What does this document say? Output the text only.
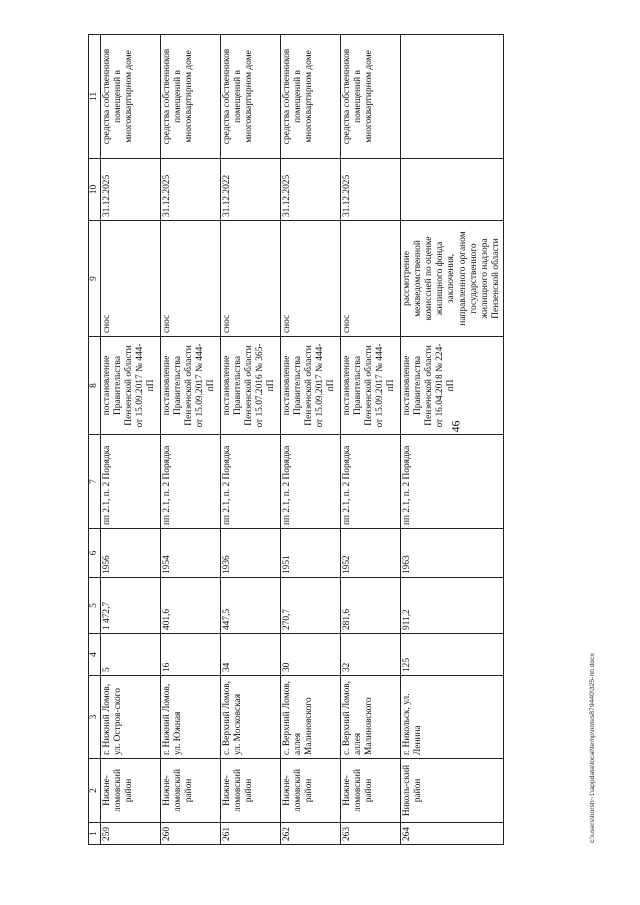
46
1	2	3	4	5	6	7	8	9	10	11
259	Нижне-ломовский район	г. Нижний Ломов, ул. Остров-ского	5	1 472,7	1956	пп 2.1, п. 2 Порядка	постановление Правительства Пензенской области от 15.09.2017 № 444-пП	снос	31.12.2025	средства собственников помещений в многоквартирном доме
260	Нижне-ломовский район	г. Нижний Ломов, ул. Южная	16	401,6	1954	пп 2.1, п. 2 Порядка	постановление Правительства Пензенской области от 15.09.2017 № 444-пП	снос	31.12.2025	средства собственников помещений в многоквартирном доме
261	Нижне-ломовский район	с. Верхний Ломов, ул. Московская	34	447,5	1936	пп 2.1, п. 2 Порядка	постановление Правительства Пензенской области от 15.07.2016 № 365-пП	снос	31.12.2022	средства собственников помещений в многоквартирном доме
262	Нижне-ломовский район	с. Верхний Ломов, аллея Малиновского	30	270,7	1951	пп 2.1, п. 2 Порядка	постановление Правительства Пензенской области от 15.09.2017 № 444-пП	снос	31.12.2025	средства собственников помещений в многоквартирном доме
263	Нижне-ломовский район	с. Верхний Ломов, аллея Малиновского	32	281,6	1952	пп 2.1, п. 2 Порядка	постановление Правительства Пензенской области от 15.09.2017 № 444-пП	снос	31.12.2025	средства собственников помещений в многоквартирном доме
264	Николь-ский район	г. Никольск, ул. Ленина	125	911,2	1963	пп 2.1, п. 2 Порядка	постановление Правительства Пензенской области от 16.04.2018 № 224-пП	рассмотрение межведомственной комиссией по оценке жилищного фонда заключения, направленного органом государственного жилищного надзора Пензенской области		
c:\users\borsh~1\appdata\local\temp\notes879440\325-пп.docx
